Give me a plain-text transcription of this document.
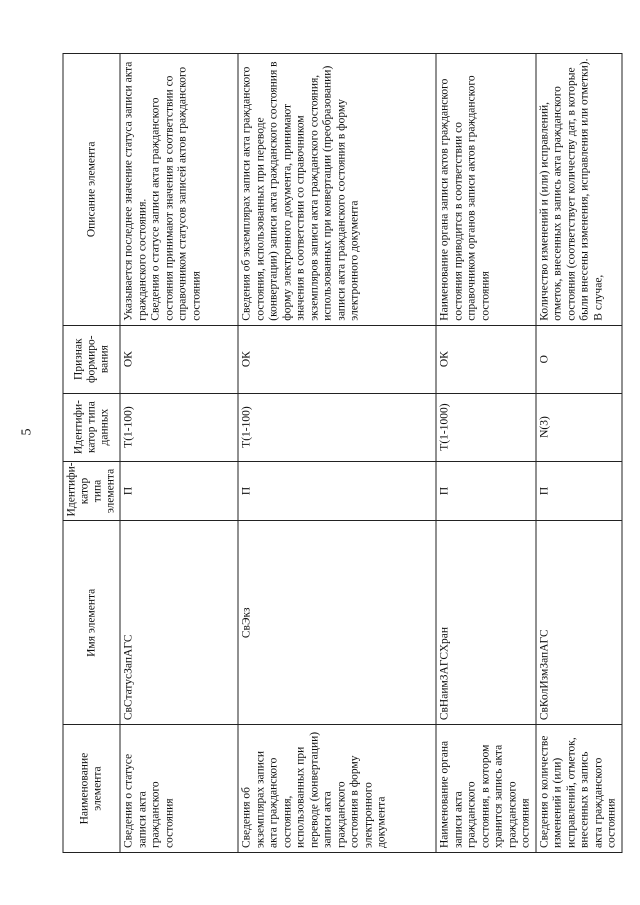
5
Наименование элемента	Имя элемента	Идентифи-катор типа элемента	Идентифи-катор типа данных	Признак формиро-вания	Описание элемента
Сведения о статусе записи акта гражданского состояния	СвСтатусЗапАГС	П	T(1-100)	ОК	Указывается последнее значение статуса записи акта гражданского состояния.
Сведения о статусе записи акта гражданского состояния принимают значения в соответствии со справочником статусов записей актов гражданского состояния
Сведения об экземплярах записи акта гражданского состояния, использованных при переводе (конвертации) записи акта гражданского состояния в форму электронного документа	СвЭкз	П	T(1-100)	ОК	Сведения об экземплярах записи акта гражданского состояния, использованных при переводе (конвертации) записи акта гражданского состояния в форму электронного документа, принимают значения в соответствии со справочником экземпляров записи акта гражданского состояния, использованных при конвертации (преобразовании) записи акта гражданского состояния в форму электронного документа
Наименование органа записи акта гражданского состояния, в котором хранится запись акта гражданского состояния	СвНаимЗАГСХран	П	T(1-1000)	ОК	Наименование органа записи актов гражданского состояния приводится в соответствии со справочником органов записи актов гражданского состояния
Сведения о количестве изменений и (или) исправлений, отметок, внесенных в запись акта гражданского состояния	СвКолИзмЗапАГС	П	N(3)	О	Количество изменений и (или) исправлений, отметок, внесенных в запись акта гражданского состояния (соответствует количеству дат, в которые были внесены изменения, исправления или отметки). В случае,
